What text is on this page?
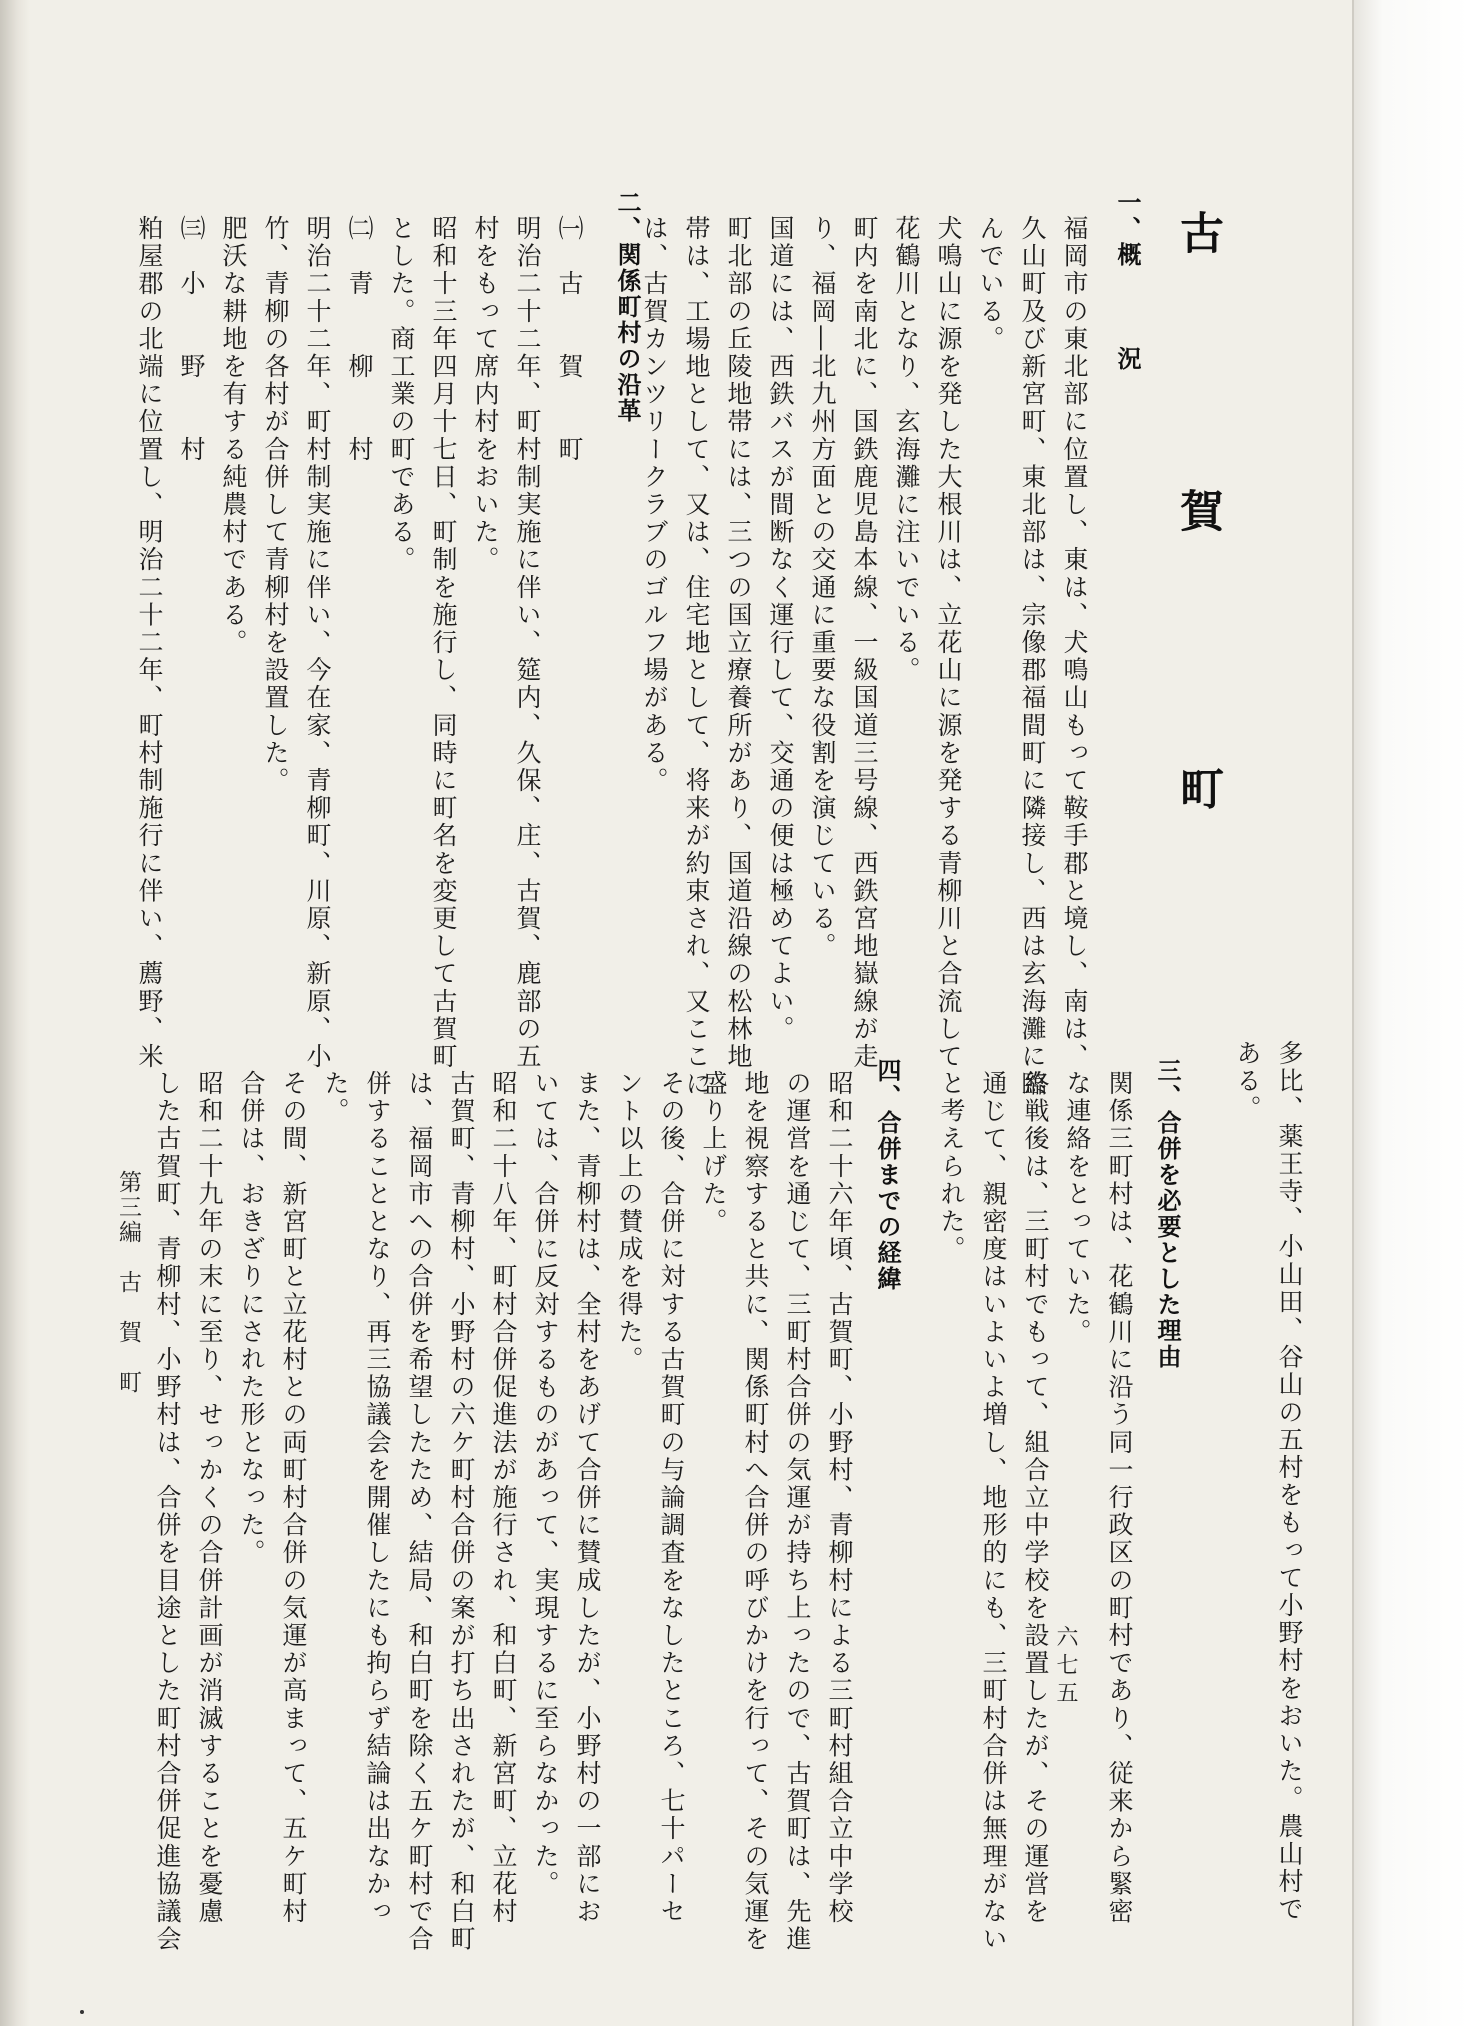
古　賀　町
一、概　　　況
福岡市の東北部に位置し、東は、犬鳴山もって鞍手郡と境し、南は、
久山町及び新宮町、東北部は、宗像郡福間町に隣接し、西は玄海灘に臨
んでいる。
犬鳴山に源を発した大根川は、立花山に源を発する青柳川と合流して
花鶴川となり、玄海灘に注いでいる。
町内を南北に、国鉄鹿児島本線、一級国道三号線、西鉄宮地嶽線が走
り、福岡―北九州方面との交通に重要な役割を演じている。
国道には、西鉄バスが間断なく運行して、交通の便は極めてよい。
町北部の丘陵地帯には、三つの国立療養所があり、国道沿線の松林地
帯は、工場地として、又は、住宅地として、将来が約束され、又ここに
は、古賀カンツリークラブのゴルフ場がある。
二、関係町村の沿革
㈠　古　　賀　　町
明治二十二年、町村制実施に伴い、筵内、久保、庄、古賀、鹿部の五
村をもって席内村をおいた。
昭和十三年四月十七日、町制を施行し、同時に町名を変更して古賀町
とした。商工業の町である。
㈡　青　　柳　　村
明治二十二年、町村制実施に伴い、今在家、青柳町、川原、新原、小
竹、青柳の各村が合併して青柳村を設置した。
肥沃な耕地を有する純農村である。
㈢　小　　野　　村
粕屋郡の北端に位置し、明治二十二年、町村制施行に伴い、薦野、米
第三編　古　賀　町	多比、薬王寺、小山田、谷山の五村をもって小野村をおいた。農山村で
ある。
三、合併を必要とした理由
関係三町村は、花鶴川に沿う同一行政区の町村であり、従来から緊密
な連絡をとっていた。
終戦後は、三町村でもって、組合立中学校を設置したが、その運営を
通じて、親密度はいよいよ増し、地形的にも、三町村合併は無理がない
と考えられた。
四、合併までの経緯
昭和二十六年頃、古賀町、小野村、青柳村による三町村組合立中学校
の運営を通じて、三町村合併の気運が持ち上ったので、古賀町は、先進
地を視察すると共に、関係町村へ合併の呼びかけを行って、その気運を
盛り上げた。
その後、合併に対する古賀町の与論調査をなしたところ、七十パーセ
ント以上の賛成を得た。
また、青柳村は、全村をあげて合併に賛成したが、小野村の一部にお
いては、合併に反対するものがあって、実現するに至らなかった。
昭和二十八年、町村合併促進法が施行され、和白町、新宮町、立花村
古賀町、青柳村、小野村の六ケ町村合併の案が打ち出されたが、和白町
は、福岡市への合併を希望したため、結局、和白町を除く五ケ町村で合
併することとなり、再三協議会を開催したにも拘らず結論は出なかっ
た。
その間、新宮町と立花村との両町村合併の気運が高まって、五ケ町村
合併は、おきざりにされた形となった。
昭和二十九年の末に至り、せっかくの合併計画が消滅することを憂慮
した古賀町、青柳村、小野村は、合併を目途とした町村合併促進協議会	六七五
